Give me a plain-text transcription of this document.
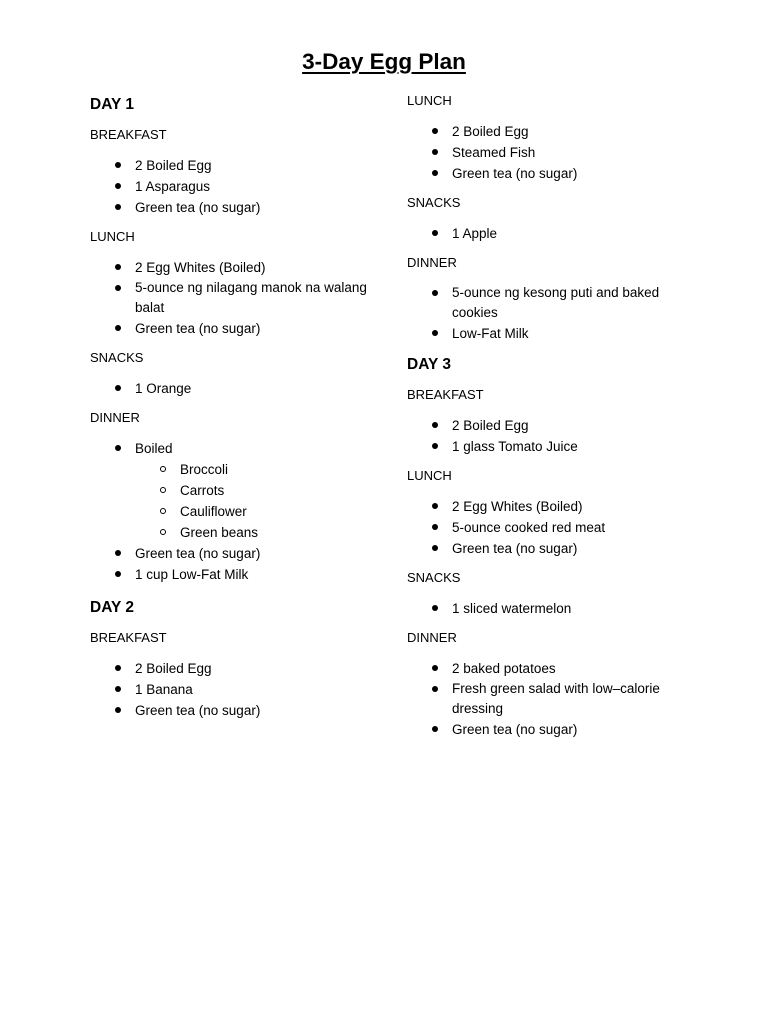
3-Day Egg Plan
DAY 1
BREAKFAST
2 Boiled Egg
1 Asparagus
Green tea (no sugar)
LUNCH
2 Egg Whites (Boiled)
5-ounce ng nilagang manok na walang balat
Green tea (no sugar)
SNACKS
1 Orange
DINNER
Boiled
Broccoli
Carrots
Cauliflower
Green beans
Green tea (no sugar)
1 cup Low-Fat Milk
DAY 2
BREAKFAST
2 Boiled Egg
1 Banana
Green tea (no sugar)
LUNCH
2 Boiled Egg
Steamed Fish
Green tea (no sugar)
SNACKS
1 Apple
DINNER
5-ounce ng kesong puti and baked cookies
Low-Fat Milk
DAY 3
BREAKFAST
2 Boiled Egg
1 glass Tomato Juice
LUNCH
2 Egg Whites (Boiled)
5-ounce cooked red meat
Green tea (no sugar)
SNACKS
1 sliced watermelon
DINNER
2 baked potatoes
Fresh green salad with low–calorie dressing
Green tea (no sugar)
